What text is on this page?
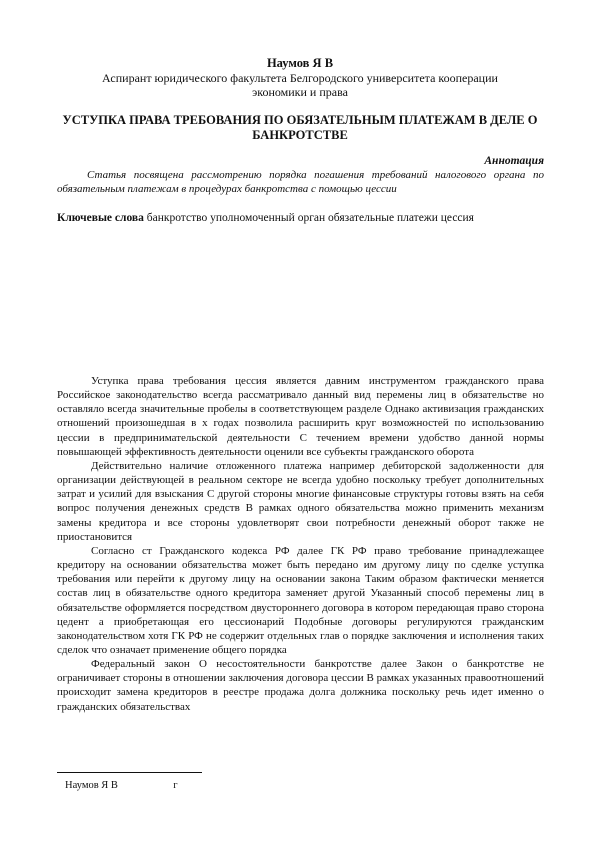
Наумов Я В
Аспирант юридического факультета Белгородского университета кооперации экономики и права
УСТУПКА ПРАВА ТРЕБОВАНИЯ ПО ОБЯЗАТЕЛЬНЫМ ПЛАТЕЖАМ В ДЕЛЕ О БАНКРОТСТВЕ
Аннотация
Статья посвящена рассмотрению порядка погашения требований налогового органа по обязательным платежам в процедурах банкротства с помощью цессии
Ключевые слова банкротство уполномоченный орган обязательные платежи цессия

Уступка права требования цессия является давним инструментом гражданского права Российское законодательство всегда рассматривало данный вид перемены лиц в обязательстве но оставляло всегда значительные пробелы в соответствующем разделе Однако активизация гражданских отношений произошедшая в х годах позволила расширить круг возможностей по использованию цессии в предпринимательской деятельности С течением времени удобство данной нормы повышающей эффективность деятельности оценили все субъекты гражданского оборота

Действительно наличие отложенного платежа например дебиторской задолженности для организации действующей в реальном секторе не всегда удобно поскольку требует дополнительных затрат и усилий для взыскания С другой стороны многие финансовые структуры готовы взять на себя вопрос получения денежных средств В рамках одного обязательства можно применить механизм замены кредитора и все стороны удовлетворят свои потребности денежный оборот также не приостановится

Согласно ст Гражданского кодекса РФ далее ГК РФ право требование принадлежащее кредитору на основании обязательства может быть передано им другому лицу по сделке уступка требования или перейти к другому лицу на основании закона Таким образом фактически меняется состав лиц в обязательстве одного кредитора заменяет другой Указанный способ перемены лиц в обязательстве оформляется посредством двустороннего договора в котором передающая право сторона цедент а приобретающая его цессионарий Подобные договоры регулируются гражданским законодательством хотя ГК РФ не содержит отдельных глав о порядке заключения и исполнения таких сделок что означает применение общего порядка

Федеральный закон О несостоятельности банкротстве далее Закон о банкротстве не ограничивает стороны в отношении заключения договора цессии В рамках указанных правоотношений происходит замена кредиторов в реестре продажа долга должника поскольку речь идет именно о гражданских обязательствах

Наумов Я В	г
